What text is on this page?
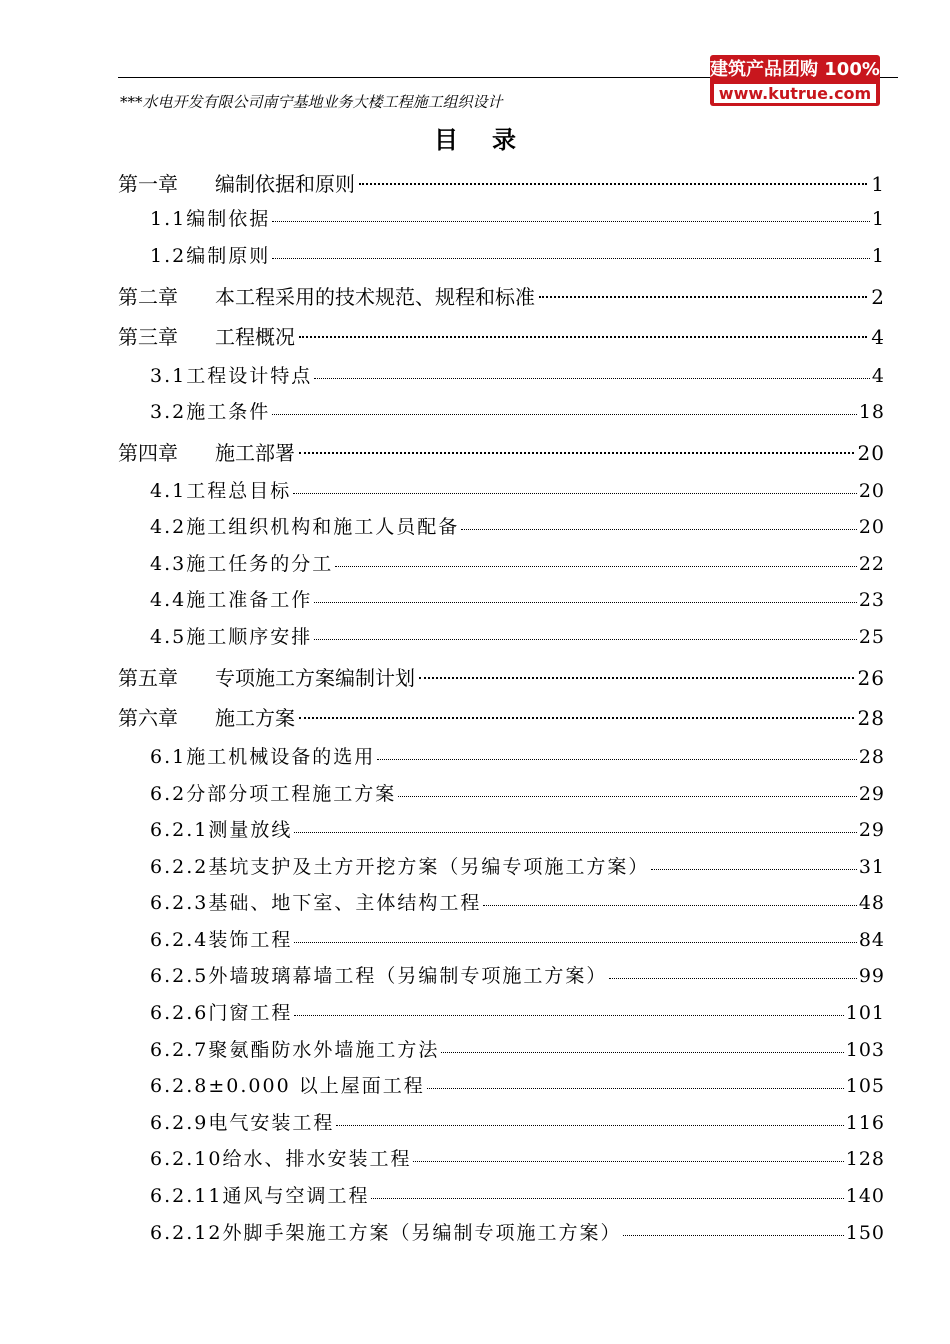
***水电开发有限公司南宁基地业务大楼工程施工组织设计
建筑产品团购 100%正品
www.kutrue.com
目录
第一章	编制依据和原则	1
1.1 编制依据	1
1.2 编制原则	1
第二章	本工程采用的技术规范、规程和标准	2
第三章	工程概况	4
3.1 工程设计特点	4
3.2 施工条件	18
第四章	施工部署	20
4.1 工程总目标	20
4.2 施工组织机构和施工人员配备	20
4.3 施工任务的分工	22
4.4 施工准备工作	23
4.5 施工顺序安排	25
第五章	专项施工方案编制计划	26
第六章	施工方案	28
6.1 施工机械设备的选用	28
6.2 分部分项工程施工方案	29
6.2.1 测量放线	29
6.2.2 基坑支护及土方开挖方案（另编专项施工方案）	31
6.2.3 基础、地下室、主体结构工程	48
6.2.4 装饰工程	84
6.2.5 外墙玻璃幕墙工程（另编制专项施工方案）	99
6.2.6 门窗工程	101
6.2.7 聚氨酯防水外墙施工方法	103
6.2.8 ±0.000 以上屋面工程	105
6.2.9 电气安装工程	116
6.2.10 给水、排水安装工程	128
6.2.11 通风与空调工程	140
6.2.12 外脚手架施工方案（另编制专项施工方案）	150
